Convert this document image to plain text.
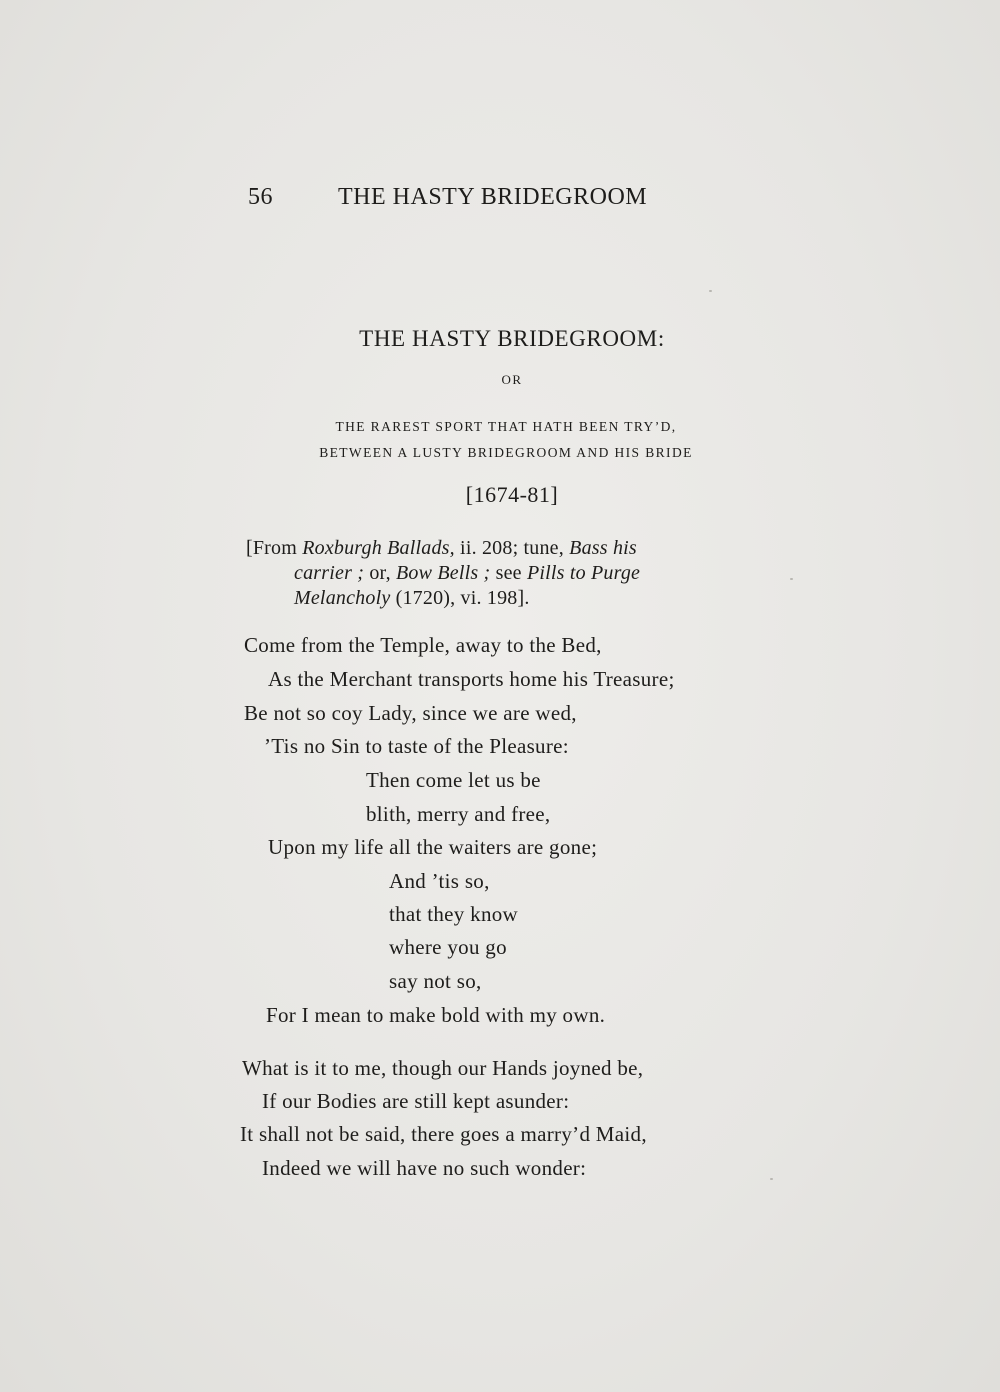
56	THE HASTY BRIDEGROOM
THE HASTY BRIDEGROOM:
OR
THE RAREST SPORT THAT HATH BEEN TRY’D,
BETWEEN A LUSTY BRIDEGROOM AND HIS BRIDE
[1674-81]
[From Roxburgh Ballads, ii. 208; tune, Bass his
carrier ; or, Bow Bells ; see Pills to Purge
Melancholy (1720), vi. 198].
Come from the Temple, away to the Bed,
As the Merchant transports home his Treasure;
Be not so coy Lady, since we are wed,
’Tis no Sin to taste of the Pleasure:
Then come let us be
blith, merry and free,
Upon my life all the waiters are gone;
And ’tis so,
that they know
where you go
say not so,
For I mean to make bold with my own.
What is it to me, though our Hands joyned be,
If our Bodies are still kept asunder:
It shall not be said, there goes a marry’d Maid,
Indeed we will have no such wonder:
